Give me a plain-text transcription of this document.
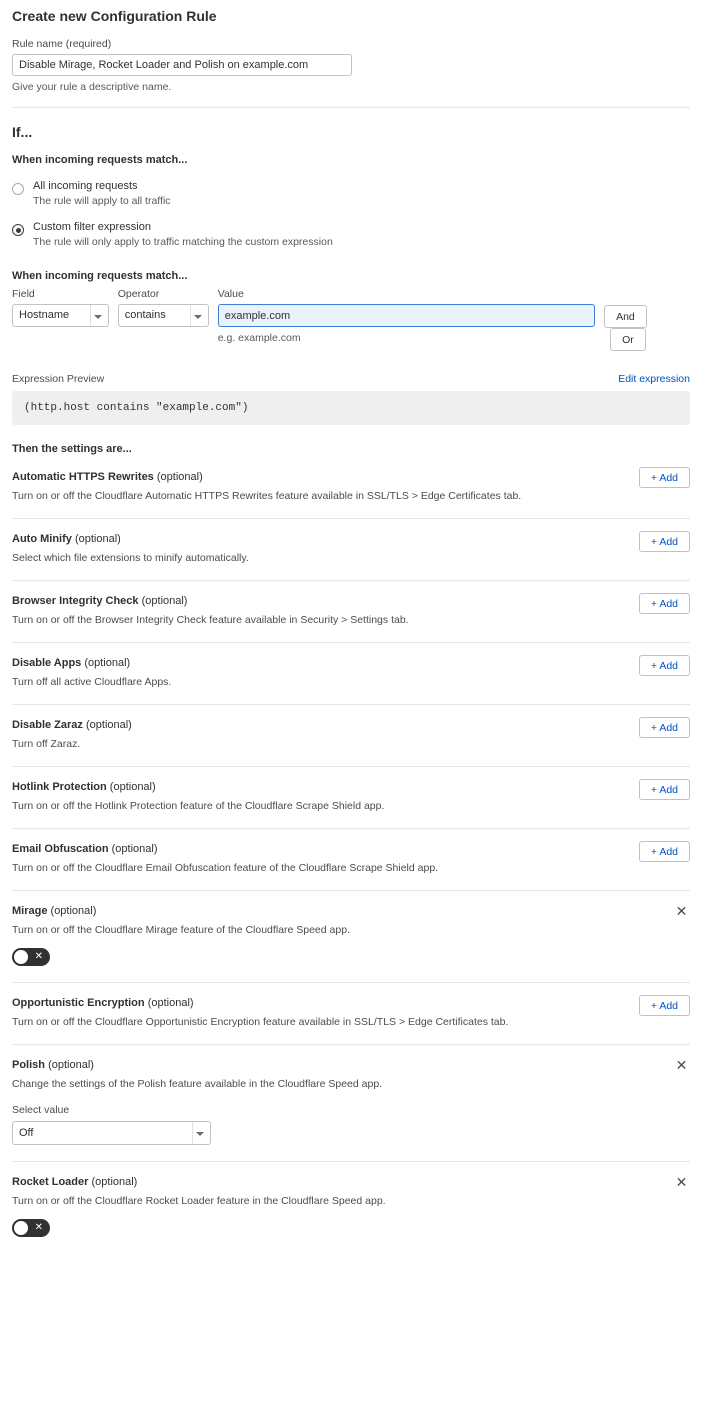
Create new Configuration Rule
Rule name (required)
Disable Mirage, Rocket Loader and Polish on example.com
Give your rule a descriptive name.
If...
When incoming requests match...
All incoming requests
The rule will apply to all traffic
Custom filter expression
The rule will only apply to traffic matching the custom expression
When incoming requests match...
Field
Hostname
Operator
contains
Value
example.com
e.g. example.com
And Or
Expression Preview	Edit expression
(http.host contains "example.com")
Then the settings are...
Automatic HTTPS Rewrites (optional)
Turn on or off the Cloudflare Automatic HTTPS Rewrites feature available in SSL/TLS > Edge Certificates tab.
+ Add
Auto Minify (optional)
Select which file extensions to minify automatically.
+ Add
Browser Integrity Check (optional)
Turn on or off the Browser Integrity Check feature available in Security > Settings tab.
+ Add
Disable Apps (optional)
Turn off all active Cloudflare Apps.
+ Add
Disable Zaraz (optional)
Turn off Zaraz.
+ Add
Hotlink Protection (optional)
Turn on or off the Hotlink Protection feature of the Cloudflare Scrape Shield app.
+ Add
Email Obfuscation (optional)
Turn on or off the Cloudflare Email Obfuscation feature of the Cloudflare Scrape Shield app.
+ Add
Mirage (optional)
Turn on or off the Cloudflare Mirage feature of the Cloudflare Speed app.
✕
✕
Opportunistic Encryption (optional)
Turn on or off the Cloudflare Opportunistic Encryption feature available in SSL/TLS > Edge Certificates tab.
+ Add
Polish (optional)
Change the settings of the Polish feature available in the Cloudflare Speed app.
Select value
Off
✕
Rocket Loader (optional)
Turn on or off the Cloudflare Rocket Loader feature in the Cloudflare Speed app.
✕
✕
